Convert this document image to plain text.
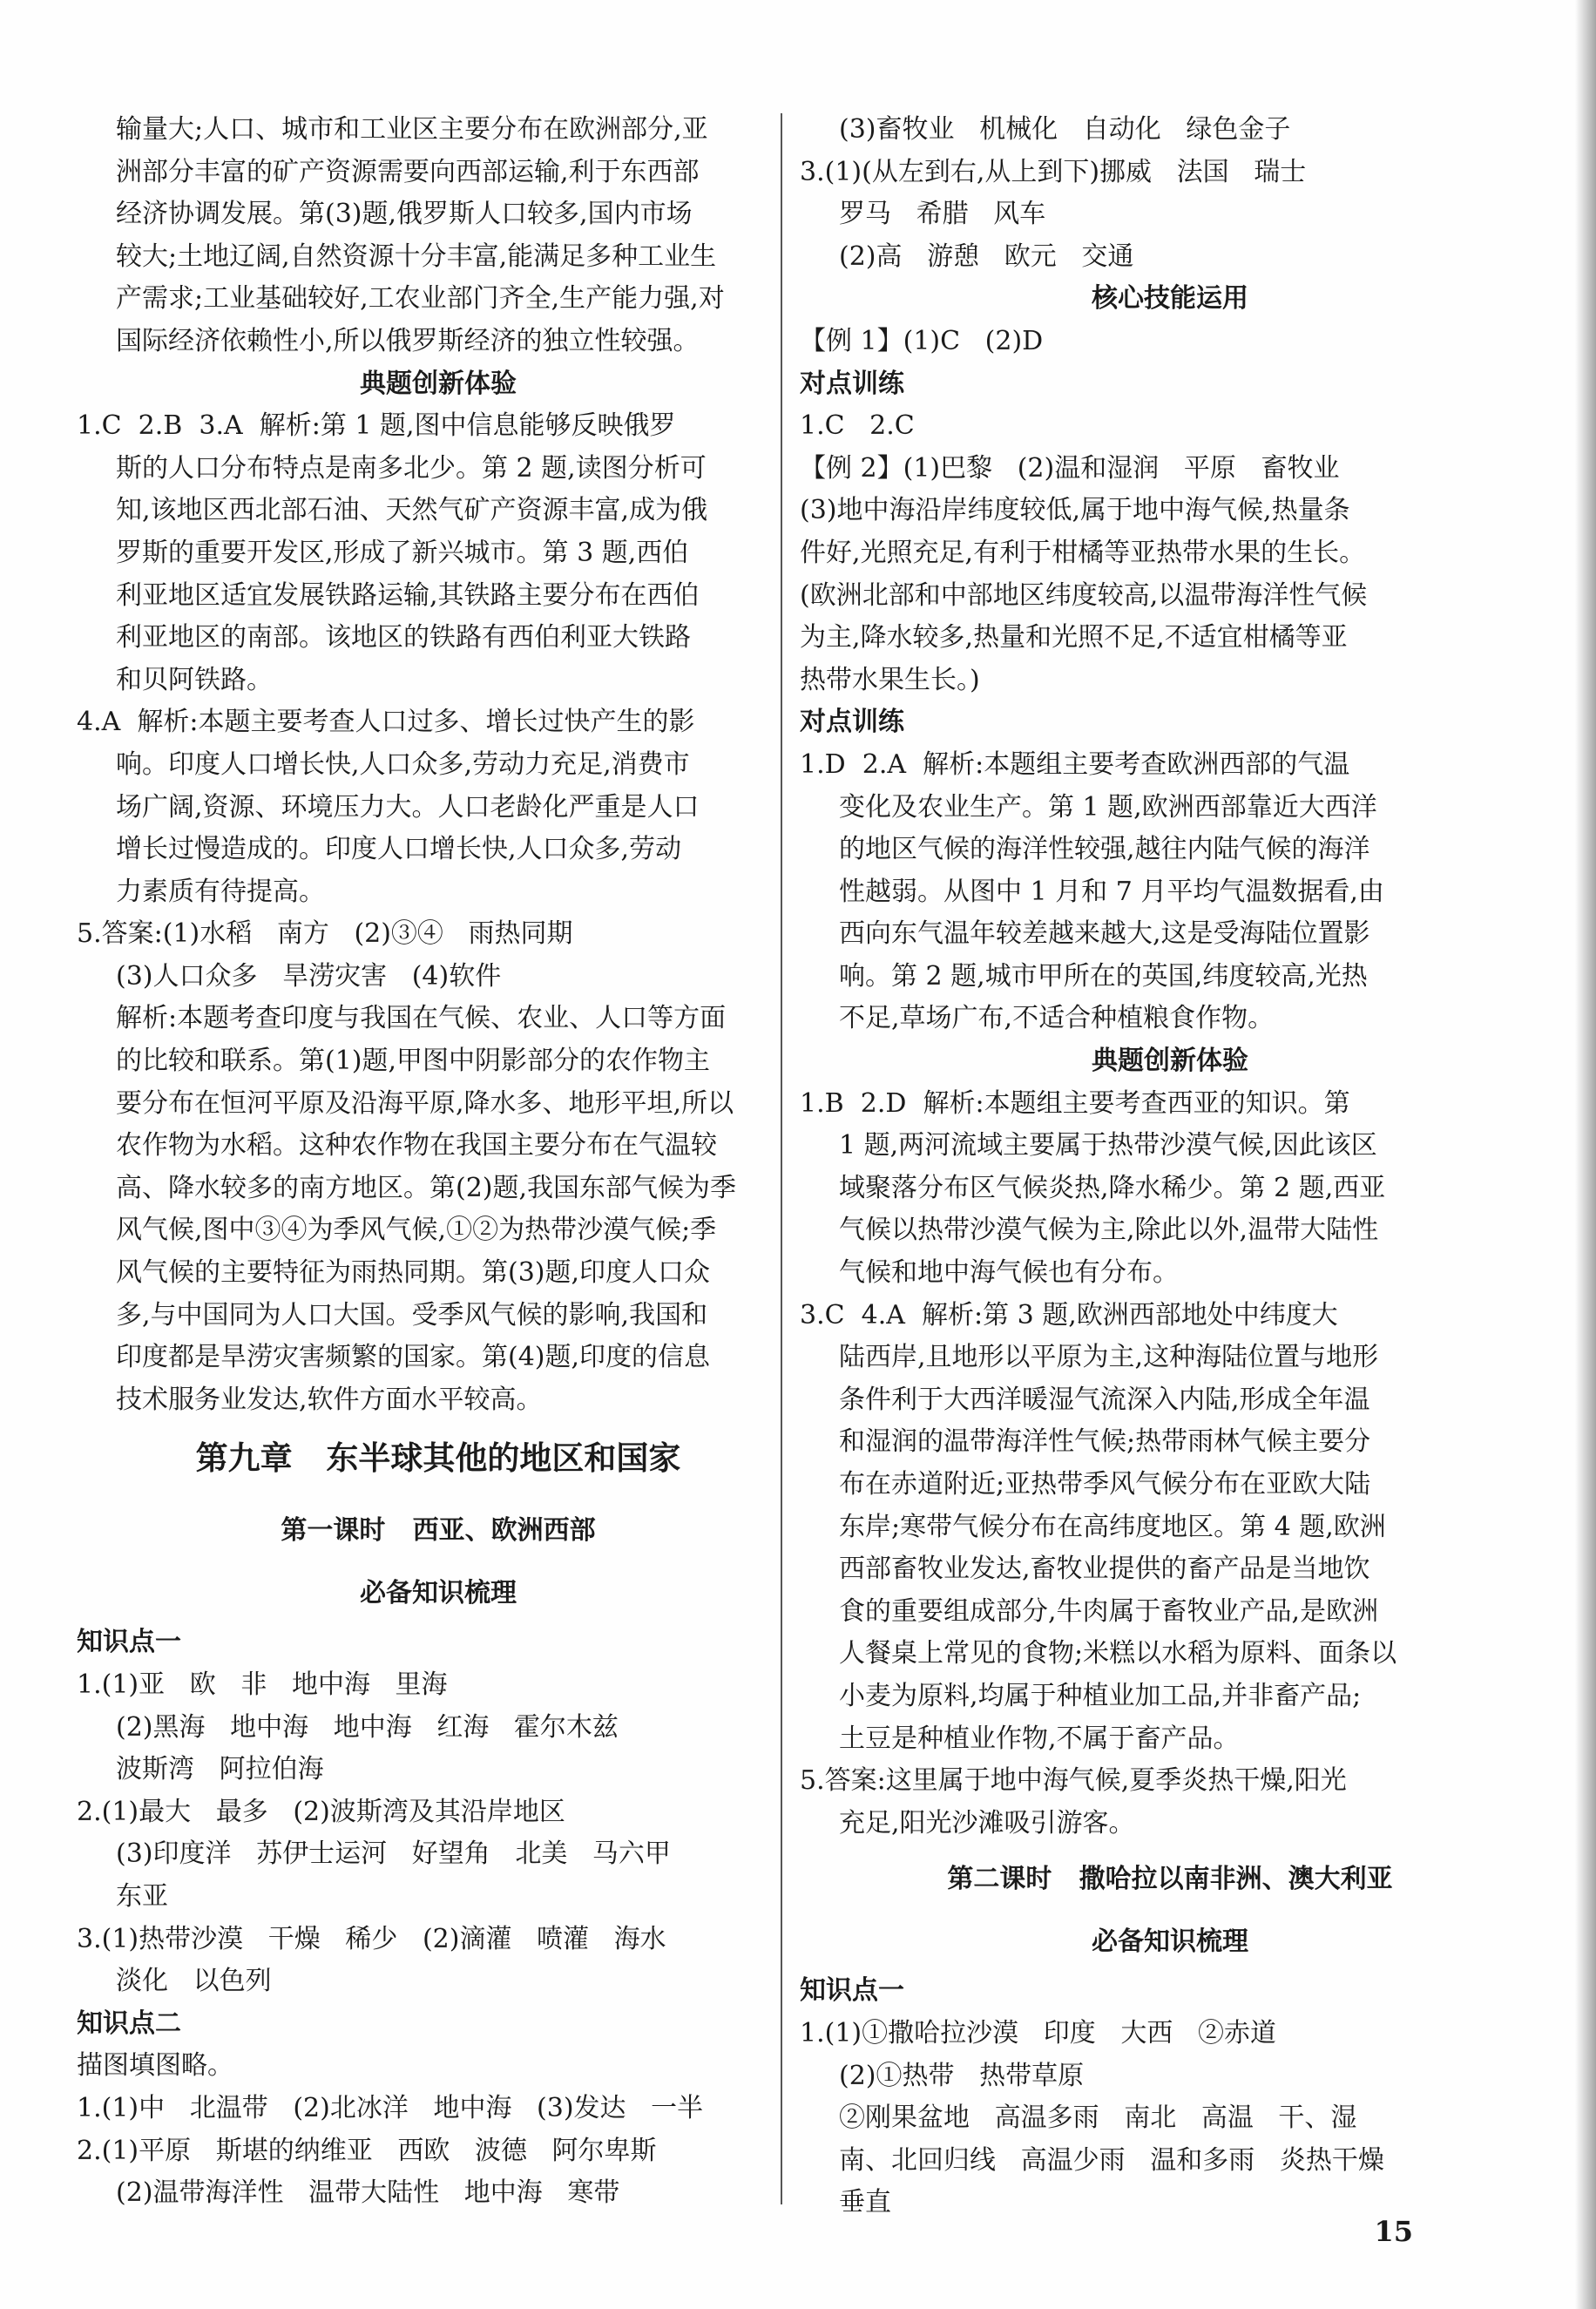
输量大;人口、城市和工业区主要分布在欧洲部分,亚
洲部分丰富的矿产资源需要向西部运输,利于东西部
经济协调发展。第(3)题,俄罗斯人口较多,国内市场
较大;土地辽阔,自然资源十分丰富,能满足多种工业生
产需求;工业基础较好,工农业部门齐全,生产能力强,对
国际经济依赖性小,所以俄罗斯经济的独立性较强。
典题创新体验
1.C  2.B  3.A  解析:第 1 题,图中信息能够反映俄罗
斯的人口分布特点是南多北少。第 2 题,读图分析可
知,该地区西北部石油、天然气矿产资源丰富,成为俄
罗斯的重要开发区,形成了新兴城市。第 3 题,西伯
利亚地区适宜发展铁路运输,其铁路主要分布在西伯
利亚地区的南部。该地区的铁路有西伯利亚大铁路
和贝阿铁路。
4.A  解析:本题主要考查人口过多、增长过快产生的影
响。印度人口增长快,人口众多,劳动力充足,消费市
场广阔,资源、环境压力大。人口老龄化严重是人口
增长过慢造成的。印度人口增长快,人口众多,劳动
力素质有待提高。
5.答案:(1)水稻   南方   (2)③④   雨热同期
(3)人口众多   旱涝灾害   (4)软件
解析:本题考查印度与我国在气候、农业、人口等方面
的比较和联系。第(1)题,甲图中阴影部分的农作物主
要分布在恒河平原及沿海平原,降水多、地形平坦,所以
农作物为水稻。这种农作物在我国主要分布在气温较
高、降水较多的南方地区。第(2)题,我国东部气候为季
风气候,图中③④为季风气候,①②为热带沙漠气候;季
风气候的主要特征为雨热同期。第(3)题,印度人口众
多,与中国同为人口大国。受季风气候的影响,我国和
印度都是旱涝灾害频繁的国家。第(4)题,印度的信息
技术服务业发达,软件方面水平较高。
第九章   东半球其他的地区和国家
第一课时   西亚、欧洲西部
必备知识梳理
知识点一
1.(1)亚   欧   非   地中海   里海
(2)黑海   地中海   地中海   红海   霍尔木兹
波斯湾   阿拉伯海
2.(1)最大   最多   (2)波斯湾及其沿岸地区
(3)印度洋   苏伊士运河   好望角   北美   马六甲
东亚
3.(1)热带沙漠   干燥   稀少   (2)滴灌   喷灌   海水
淡化   以色列
知识点二
描图填图略。
1.(1)中   北温带   (2)北冰洋   地中海   (3)发达   一半
2.(1)平原   斯堪的纳维亚   西欧   波德   阿尔卑斯
(2)温带海洋性   温带大陆性   地中海   寒带
(3)畜牧业   机械化   自动化   绿色金子
3.(1)(从左到右,从上到下)挪威   法国   瑞士
罗马   希腊   风车
(2)高   游憩   欧元   交通
核心技能运用
【例 1】(1)C   (2)D
对点训练
1.C   2.C
【例 2】(1)巴黎   (2)温和湿润   平原   畜牧业
(3)地中海沿岸纬度较低,属于地中海气候,热量条
件好,光照充足,有利于柑橘等亚热带水果的生长。
(欧洲北部和中部地区纬度较高,以温带海洋性气候
为主,降水较多,热量和光照不足,不适宜柑橘等亚
热带水果生长。)
对点训练
1.D  2.A  解析:本题组主要考查欧洲西部的气温
变化及农业生产。第 1 题,欧洲西部靠近大西洋
的地区气候的海洋性较强,越往内陆气候的海洋
性越弱。从图中 1 月和 7 月平均气温数据看,由
西向东气温年较差越来越大,这是受海陆位置影
响。第 2 题,城市甲所在的英国,纬度较高,光热
不足,草场广布,不适合种植粮食作物。
典题创新体验
1.B  2.D  解析:本题组主要考查西亚的知识。第
1 题,两河流域主要属于热带沙漠气候,因此该区
域聚落分布区气候炎热,降水稀少。第 2 题,西亚
气候以热带沙漠气候为主,除此以外,温带大陆性
气候和地中海气候也有分布。
3.C  4.A  解析:第 3 题,欧洲西部地处中纬度大
陆西岸,且地形以平原为主,这种海陆位置与地形
条件利于大西洋暖湿气流深入内陆,形成全年温
和湿润的温带海洋性气候;热带雨林气候主要分
布在赤道附近;亚热带季风气候分布在亚欧大陆
东岸;寒带气候分布在高纬度地区。第 4 题,欧洲
西部畜牧业发达,畜牧业提供的畜产品是当地饮
食的重要组成部分,牛肉属于畜牧业产品,是欧洲
人餐桌上常见的食物;米糕以水稻为原料、面条以
小麦为原料,均属于种植业加工品,并非畜产品;
土豆是种植业作物,不属于畜产品。
5.答案:这里属于地中海气候,夏季炎热干燥,阳光
充足,阳光沙滩吸引游客。
第二课时   撒哈拉以南非洲、澳大利亚
必备知识梳理
知识点一
1.(1)①撒哈拉沙漠   印度   大西   ②赤道
(2)①热带   热带草原
②刚果盆地   高温多雨   南北   高温   干、湿
南、北回归线   高温少雨   温和多雨   炎热干燥
垂直
15
